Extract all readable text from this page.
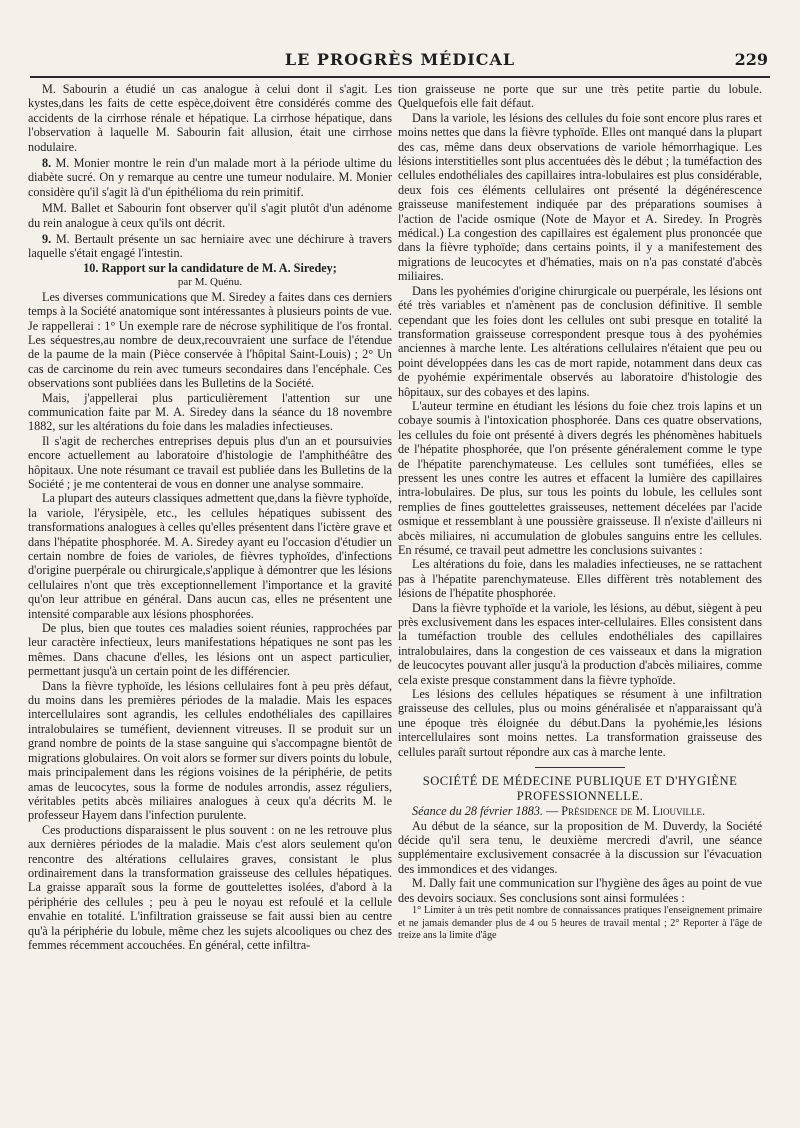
LE PROGRÈS MÉDICAL	229

M. Sabourin a étudié un cas analogue à celui dont il s'agit. Les kystes,dans les faits de cette espèce,doivent être considérés comme des accidents de la cirrhose rénale et hépatique. La cirrhose hépatique, dans l'observation à laquelle M. Sabourin fait allusion, était une cirrhose nodulaire.

8. M. Monier montre le rein d'un malade mort à la période ultime du diabète sucré. On y remarque au centre une tumeur nodulaire. M. Monier considère qu'il s'agit là d'un épithélioma du rein primitif.

MM. Ballet et Sabourin font observer qu'il s'agit plutôt d'un adénome du rein analogue à ceux qu'ils ont décrit.

9. M. Bertault présente un sac herniaire avec une déchirure à travers laquelle s'était engagé l'intestin.

10. Rapport sur la candidature de M. A. Siredey;

par M. Quénu.

Les diverses communications que M. Siredey a faites dans ces derniers temps à la Société anatomique sont intéressantes à plusieurs points de vue. Je rappellerai : 1° Un exemple rare de nécrose syphilitique de l'os frontal. Les séquestres,au nombre de deux,recouvraient une surface de l'étendue de la paume de la main (Pièce conservée à l'hôpital Saint-Louis) ; 2° Un cas de carcinome du rein avec tumeurs secondaires dans l'encéphale. Ces observations sont publiées dans les Bulletins de la Société.

Mais, j'appellerai plus particulièrement l'attention sur une communication faite par M. A. Siredey dans la séance du 18 novembre 1882, sur les altérations du foie dans les maladies infectieuses.

Il s'agit de recherches entreprises depuis plus d'un an et poursuivies encore actuellement au laboratoire d'histologie de l'amphithéâtre des hôpitaux. Une note résumant ce travail est publiée dans les Bulletins de la Société ; je me contenterai de vous en donner une analyse sommaire.

La plupart des auteurs classiques admettent que,dans la fièvre typhoïde, la variole, l'érysipèle, etc., les cellules hépatiques subissent des transformations analogues à celles qu'elles présentent dans l'ictère grave et dans l'hépatite phosphorée. M. A. Siredey ayant eu l'occasion d'étudier un certain nombre de foies de varioles, de fièvres typhoïdes, d'infections d'origine puerpérale ou chirurgicale,s'applique à démontrer que les lésions cellulaires n'ont que très exceptionnellement l'importance et la gravité qu'on leur attribue en général. Dans aucun cas, elles ne présentent une intensité comparable aux lésions phosphorées.

De plus, bien que toutes ces maladies soient réunies, rapprochées par leur caractère infectieux, leurs manifestations hépatiques ne sont pas les mêmes. Dans chacune d'elles, les lésions ont un aspect particulier, permettant jusqu'à un certain point de les différencier.

Dans la fièvre typhoïde, les lésions cellulaires font à peu près défaut, du moins dans les premières périodes de la maladie. Mais les espaces intercellulaires sont agrandis, les cellules endothéliales des capillaires intralobulaires se tuméfient, deviennent vitreuses. Il se produit sur un grand nombre de points de la stase sanguine qui s'accompagne bientôt de migrations globulaires. On voit alors se former sur divers points du lobule, mais principalement dans les régions voisines de la périphérie, de petits amas de leucocytes, sous la forme de nodules arrondis, assez réguliers, véritables petits abcès miliaires analogues à ceux qu'a décrits M. le professeur Hayem dans l'infection purulente.

Ces productions disparaissent le plus souvent : on ne les retrouve plus aux dernières périodes de la maladie. Mais c'est alors seulement qu'on rencontre des altérations cellulaires graves, consistant le plus ordinairement dans la transformation graisseuse des cellules hépatiques. La graisse apparaît sous la forme de gouttelettes isolées, d'abord à la périphérie des cellules ; peu à peu le noyau est refoulé et la cellule envahie en totalité. L'infiltration graisseuse se fait aussi bien au centre qu'à la périphérie du lobule, même chez les sujets alcooliques ou chez des femmes récemment accouchées. En général, cette infiltra-

tion graisseuse ne porte que sur une très petite partie du lobule. Quelquefois elle fait défaut.

Dans la variole, les lésions des cellules du foie sont encore plus rares et moins nettes que dans la fièvre typhoïde. Elles ont manqué dans la plupart des cas, même dans deux observations de variole hémorrhagique. Les lésions interstitielles sont plus accentuées dès le début ; la tuméfaction des cellules endothéliales des capillaires intra-lobulaires est plus considérable, deux fois ces éléments cellulaires ont présenté la dégénérescence graisseuse manifestement indiquée par des préparations soumises à l'action de l'acide osmique (Note de Mayor et A. Siredey. In Progrès médical.) La congestion des capillaires est également plus prononcée que dans la fièvre typhoïde; dans certains points, il y a manifestement des migrations de leucocytes et d'hématies, mais on n'a pas constaté d'abcès miliaires.

Dans les pyohémies d'origine chirurgicale ou puerpérale, les lésions ont été très variables et n'amènent pas de conclusion définitive. Il semble cependant que les foies dont les cellules ont subi presque en totalité la transformation graisseuse correspondent presque tous à des pyohémies anciennes à marche lente. Les altérations cellulaires n'étaient que peu ou point développées dans les cas de mort rapide, notamment dans deux cas de pyohémie expérimentale observés au laboratoire d'histologie des hôpitaux, sur des cobayes et des lapins.

L'auteur termine en étudiant les lésions du foie chez trois lapins et un cobaye soumis à l'intoxication phosphorée. Dans ces quatre observations, les cellules du foie ont présenté à divers degrés les phénomènes habituels de l'hépatite phosphorée, que l'on présente généralement comme le type de l'hépatite parenchymateuse. Les cellules sont tuméfiées, elles se pressent les unes contre les autres et effacent la lumière des capillaires intra-lobulaires. De plus, sur tous les points du lobule, les cellules sont remplies de fines gouttelettes graisseuses, nettement décelées par l'acide osmique et ressemblant à une poussière graisseuse. Il n'existe d'ailleurs ni abcès miliaires, ni accumulation de globules sanguins entre les cellules. En résumé, ce travail peut admettre les conclusions suivantes :

Les altérations du foie, dans les maladies infectieuses, ne se rattachent pas à l'hépatite parenchymateuse. Elles diffèrent très notablement des lésions de l'hépatite phosphorée.

Dans la fièvre typhoïde et la variole, les lésions, au début, siègent à peu près exclusivement dans les espaces inter-cellulaires. Elles consistent dans la tuméfaction trouble des cellules endothéliales des capillaires intralobulaires, dans la congestion de ces vaisseaux et dans la migration de leucocytes pouvant aller jusqu'à la production d'abcès miliaires, comme cela existe presque constamment dans la fièvre typhoïde.

Les lésions des cellules hépatiques se résument à une infiltration graisseuse des cellules, plus ou moins généralisée et n'apparaissant qu'à une époque très éloignée du début.Dans la pyohémie,les lésions intercellulaires sont moins nettes. La transformation graisseuse des cellules paraît surtout répondre aux cas à marche lente.

SOCIÉTÉ DE MÉDECINE PUBLIQUE ET D'HYGIÈNE PROFESSIONNELLE.

Séance du 28 février 1883. — Présidence de M. Liouville.

Au début de la séance, sur la proposition de M. Duverdy, la Société décide qu'il sera tenu, le deuxième mercredi d'avril, une séance supplémentaire exclusivement consacrée à la discussion sur l'évacuation des immondices et des vidanges.

M. Dally fait une communication sur l'hygiène des âges au point de vue des devoirs sociaux. Ses conclusions sont ainsi formulées :

1° Limiter à un très petit nombre de connaissances pratiques l'enseignement primaire et ne jamais demander plus de 4 ou 5 heures de travail mental ; 2° Reporter à l'âge de treize ans la limite d'âge
